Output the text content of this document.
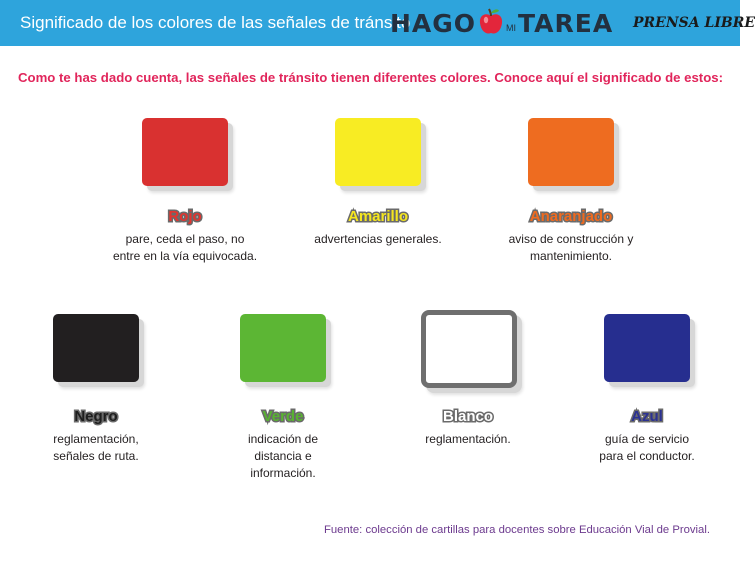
Significado de los colores de las señales de tránsito
HAGO	MI TAREA PRENSA LIBRE
Como te has dado cuenta, las señales de tránsito tienen diferentes colores. Conoce aquí el significado de estos:
Rojo
pare, ceda el paso, no
entre en la vía equivocada.
Amarillo
advertencias generales.
Anaranjado
aviso de construcción y
mantenimiento.
Negro
reglamentación,
señales de ruta.
Verde
indicación de
distancia e
información.
Blanco
reglamentación.
Azul
guía de servicio
para el conductor.
Fuente: colección de cartillas para docentes sobre Educación Vial de Provial.
